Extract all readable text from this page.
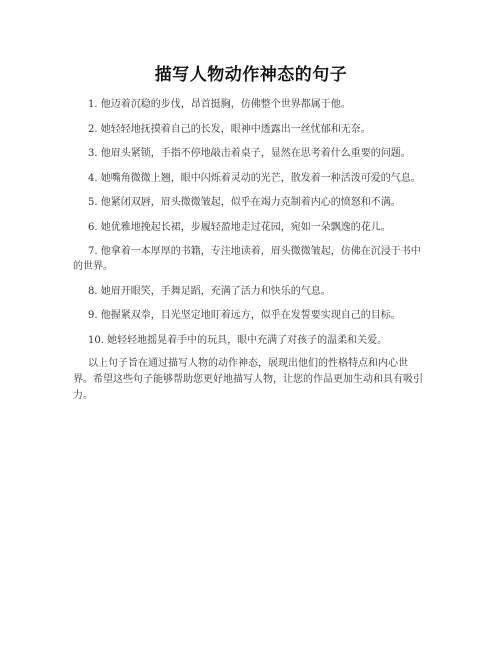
描写人物动作神态的句子

1. 他迈着沉稳的步伐，昂首挺胸，仿佛整个世界都属于他。

2. 她轻轻地抚摸着自己的长发，眼神中透露出一丝忧郁和无奈。

3. 他眉头紧锁，手指不停地敲击着桌子，显然在思考着什么重要的问题。

4. 她嘴角微微上翘，眼中闪烁着灵动的光芒，散发着一种活泼可爱的气息。

5. 他紧闭双唇，眉头微微皱起，似乎在竭力克制着内心的愤怒和不满。

6. 她优雅地挽起长裙，步履轻盈地走过花园，宛如一朵飘逸的花儿。

7. 他拿着一本厚厚的书籍，专注地读着，眉头微微皱起，仿佛在沉浸于书中的世界。

8. 她眉开眼笑，手舞足蹈，充满了活力和快乐的气息。

9. 他握紧双拳，目光坚定地盯着远方，似乎在发誓要实现自己的目标。

10. 她轻轻地摇晃着手中的玩具，眼中充满了对孩子的温柔和关爱。

以上句子旨在通过描写人物的动作神态，展现出他们的性格特点和内心世界。希望这些句子能够帮助您更好地描写人物，让您的作品更加生动和具有吸引力。
